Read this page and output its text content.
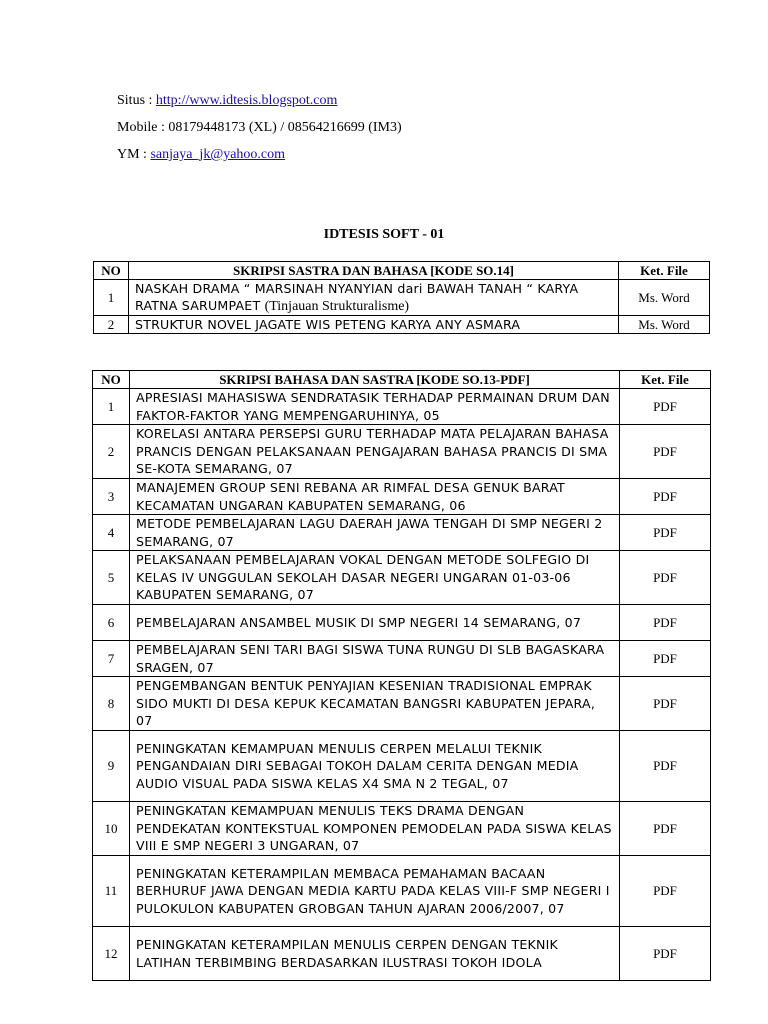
Situs : http://www.idtesis.blogspot.com
Mobile : 08179448173 (XL) / 08564216699 (IM3)
YM : sanjaya_jk@yahoo.com
IDTESIS SOFT - 01
NO	SKRIPSI SASTRA DAN BAHASA [KODE SO.14]	Ket. File
1	NASKAH DRAMA “ MARSINAH NYANYIAN dari BAWAH TANAH “ KARYA RATNA SARUMPAET (Tinjauan Strukturalisme)	Ms. Word
2	STRUKTUR NOVEL JAGATE WIS PETENG KARYA ANY ASMARA	Ms. Word
NO	SKRIPSI BAHASA DAN SASTRA [KODE SO.13-PDF]	Ket. File
1	APRESIASI MAHASISWA SENDRATASIK TERHADAP PERMAINAN DRUM DAN FAKTOR-FAKTOR YANG MEMPENGARUHINYA, 05	PDF
2	KORELASI ANTARA PERSEPSI GURU TERHADAP MATA PELAJARAN BAHASA PRANCIS DENGAN PELAKSANAAN PENGAJARAN BAHASA PRANCIS DI SMA SE-KOTA SEMARANG, 07	PDF
3	MANAJEMEN GROUP SENI REBANA AR RIMFAL DESA GENUK BARAT KECAMATAN UNGARAN KABUPATEN SEMARANG, 06	PDF
4	METODE PEMBELAJARAN LAGU DAERAH JAWA TENGAH DI SMP NEGERI 2 SEMARANG, 07	PDF
5	PELAKSANAAN PEMBELAJARAN VOKAL DENGAN METODE SOLFEGIO DI KELAS IV UNGGULAN SEKOLAH DASAR NEGERI UNGARAN 01-03-06 KABUPATEN SEMARANG, 07	PDF
6	PEMBELAJARAN ANSAMBEL MUSIK DI SMP NEGERI 14 SEMARANG, 07	PDF
7	PEMBELAJARAN SENI TARI BAGI SISWA TUNA RUNGU DI SLB BAGASKARA SRAGEN, 07	PDF
8	PENGEMBANGAN BENTUK PENYAJIAN KESENIAN TRADISIONAL EMPRAK SIDO MUKTI DI DESA KEPUK KECAMATAN BANGSRI KABUPATEN JEPARA, 07	PDF
9	PENINGKATAN KEMAMPUAN MENULIS CERPEN MELALUI TEKNIK PENGANDAIAN DIRI SEBAGAI TOKOH DALAM CERITA DENGAN MEDIA AUDIO VISUAL PADA SISWA KELAS X4 SMA N 2 TEGAL, 07	PDF
10	PENINGKATAN KEMAMPUAN MENULIS TEKS DRAMA DENGAN PENDEKATAN KONTEKSTUAL KOMPONEN PEMODELAN PADA SISWA KELAS VIII E SMP NEGERI 3 UNGARAN, 07	PDF
11	PENINGKATAN KETERAMPILAN MEMBACA PEMAHAMAN BACAAN BERHURUF JAWA DENGAN MEDIA KARTU PADA KELAS VIII-F SMP NEGERI I PULOKULON KABUPATEN GROBGAN TAHUN AJARAN 2006/2007, 07	PDF
12	PENINGKATAN KETERAMPILAN MENULIS CERPEN DENGAN TEKNIK LATIHAN TERBIMBING BERDASARKAN ILUSTRASI TOKOH IDOLA	PDF
